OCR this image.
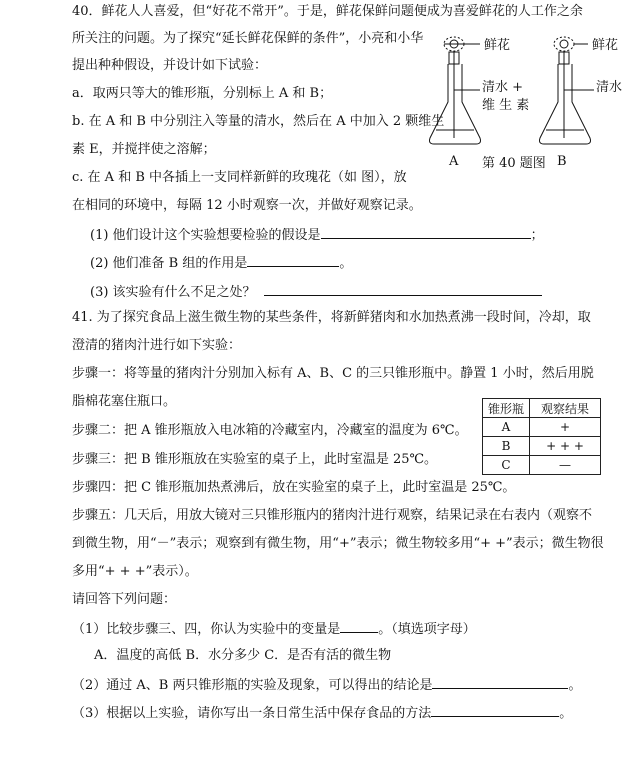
40．鲜花人人喜爱，但“好花不常开”。于是，鲜花保鲜问题便成为喜爱鲜花的人工作之余
所关注的问题。为了探究“延长鲜花保鲜的条件”，小亮和小华
提出种种假设，并设计如下试验：
a．取两只等大的锥形瓶，分别标上 A 和 B；
b. 在 A 和 B 中分别注入等量的清水，然后在 A 中加入 2 颗维生
素 E，并搅拌使之溶解；
c. 在 A 和 B 中各插上一支同样新鲜的玫瑰花（如 图），放
在相同的环境中，每隔 12 小时观察一次，并做好观察记录。
(1) 他们设计这个实验想要检验的假设是	；
(2) 他们准备 B 组的作用是	。
(3) 该实验有什么不足之处？
鲜花	鲜花
清水 +
维 生 素
清水
A 第 40 题图 B
41. 为了探究食品上滋生微生物的某些条件，将新鲜猪肉和水加热煮沸一段时间，冷却，取
澄清的猪肉汁进行如下实验：
步骤一：将等量的猪肉汁分别加入标有 A、B、C 的三只锥形瓶中。静置 1 小时，然后用脱
脂棉花塞住瓶口。
步骤二：把 A 锥形瓶放入电冰箱的冷藏室内，冷藏室的温度为 6℃。
步骤三：把 B 锥形瓶放在实验室的桌子上，此时室温是 25℃。
步骤四：把 C 锥形瓶加热煮沸后，放在实验室的桌子上，此时室温是 25℃。
步骤五：几天后，用放大镜对三只锥形瓶内的猪肉汁进行观察，结果记录在右表内（观察不
到微生物，用“－”表示；观察到有微生物，用“+”表示；微生物较多用“+ +”表示；微生物很
多用“+ + +”表示）。
请回答下列问题：
（1）比较步骤三、四，你认为实验中的变量是	。（填选项字母）
A．温度的高低 B．水分多少 C．是否有活的微生物
（2）通过 A、B 两只锥形瓶的实验及现象，可以得出的结论是	。
（3）根据以上实验，请你写出一条日常生活中保存食品的方法	。
锥形瓶	观察结果
A	+
B	+ + +
C	—
